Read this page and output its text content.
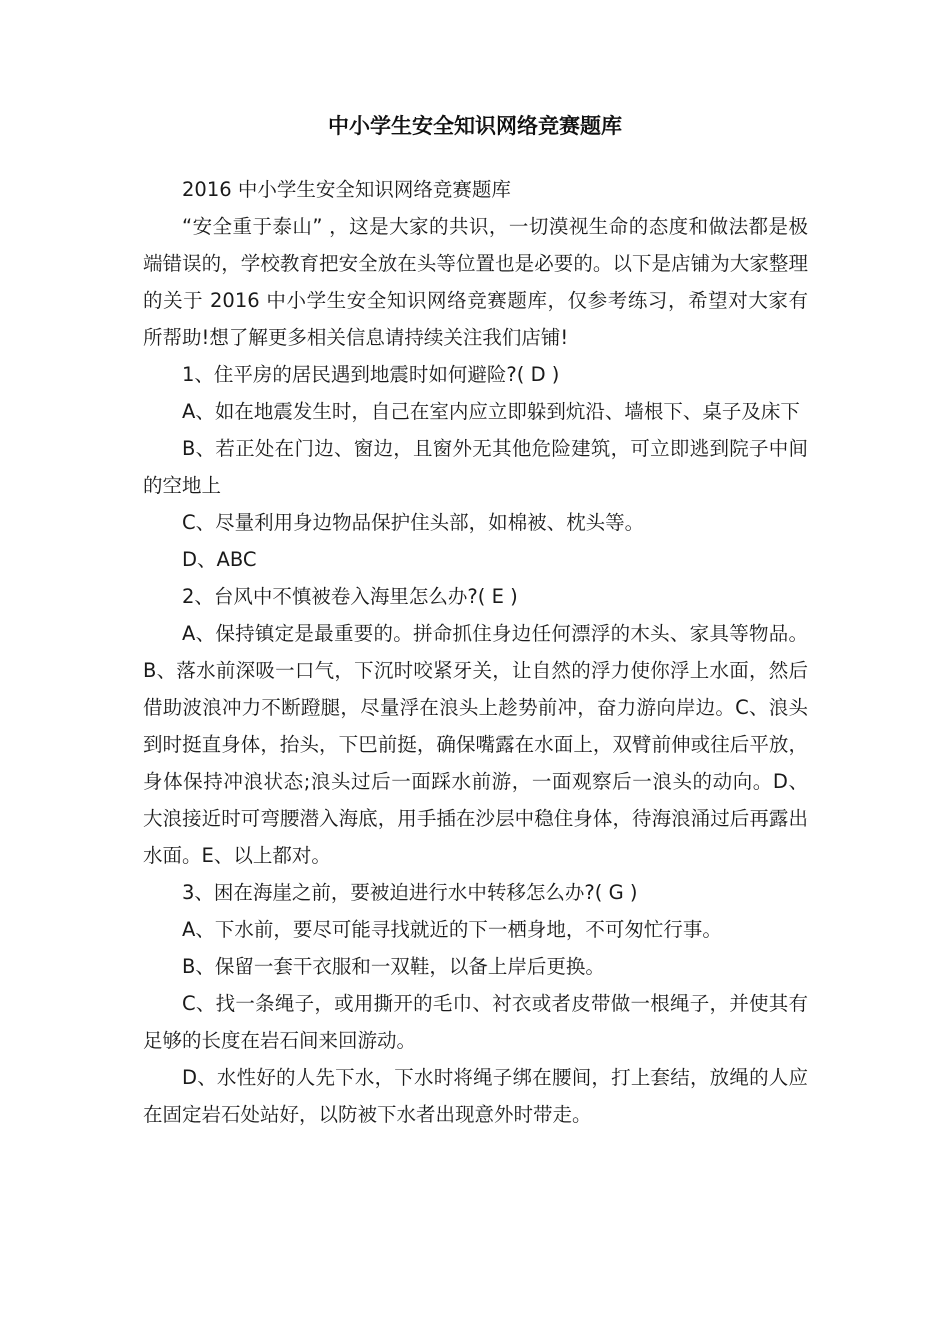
中小学生安全知识网络竞赛题库

2016 中小学生安全知识网络竞赛题库

“安全重于泰山” ，这是大家的共识，一切漠视生命的态度和做法都是极端错误的，学校教育把安全放在头等位置也是必要的。以下是店铺为大家整理的关于 2016 中小学生安全知识网络竞赛题库，仅参考练习，希望对大家有所帮助!想了解更多相关信息请持续关注我们店铺!

1、住平房的居民遇到地震时如何避险?( D )

A、如在地震发生时，自己在室内应立即躲到炕沿、墙根下、桌子及床下

B、若正处在门边、窗边，且窗外无其他危险建筑，可立即逃到院子中间的空地上

C、尽量利用身边物品保护住头部，如棉被、枕头等。

D、ABC

2、台风中不慎被卷入海里怎么办?( E )

A、保持镇定是最重要的。拼命抓住身边任何漂浮的木头、家具等物品。B、落水前深吸一口气，下沉时咬紧牙关，让自然的浮力使你浮上水面，然后借助波浪冲力不断蹬腿，尽量浮在浪头上趁势前冲，奋力游向岸边。C、浪头到时挺直身体，抬头，下巴前挺，确保嘴露在水面上，双臂前伸或往后平放，身体保持冲浪状态;浪头过后一面踩水前游，一面观察后一浪头的动向。D、大浪接近时可弯腰潜入海底，用手插在沙层中稳住身体，待海浪涌过后再露出水面。E、以上都对。

3、困在海崖之前，要被迫进行水中转移怎么办?( G )

A、下水前，要尽可能寻找就近的下一栖身地，不可匆忙行事。

B、保留一套干衣服和一双鞋，以备上岸后更换。

C、找一条绳子，或用撕开的毛巾、衬衣或者皮带做一根绳子，并使其有足够的长度在岩石间来回游动。

D、水性好的人先下水，下水时将绳子绑在腰间，打上套结，放绳的人应在固定岩石处站好，以防被下水者出现意外时带走。
